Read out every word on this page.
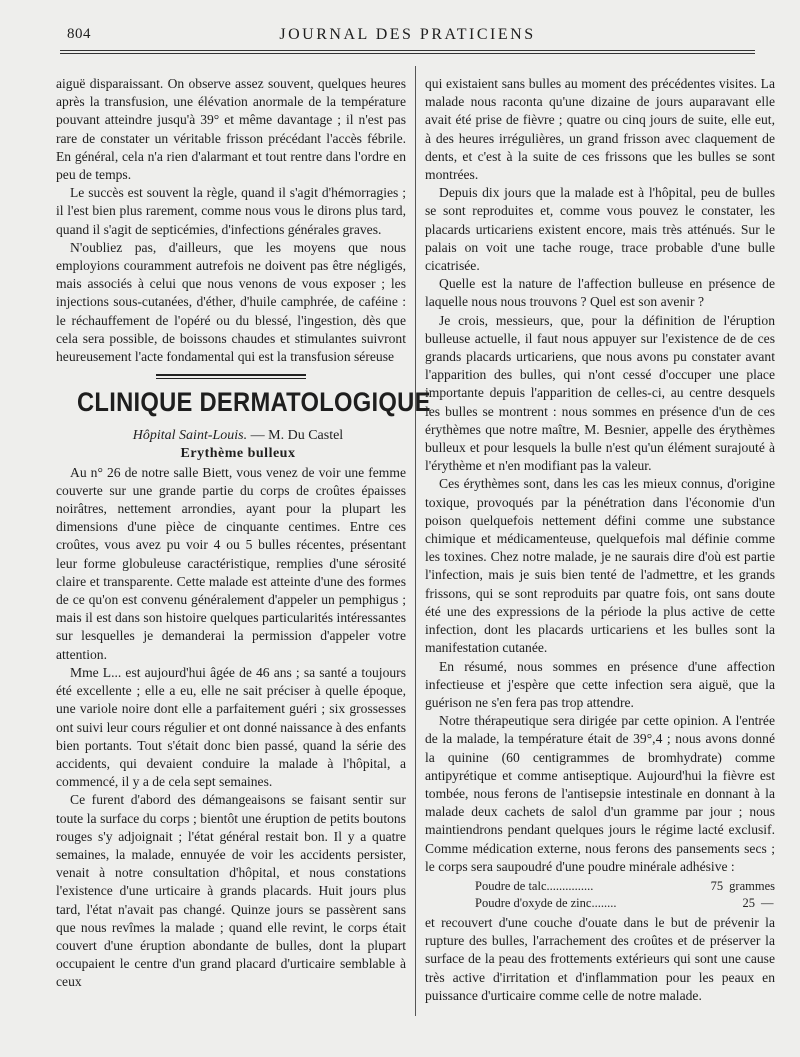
804	JOURNAL DES PRATICIENS

aiguë disparaissant. On observe assez souvent, quelques heures après la transfusion, une élévation anormale de la température pouvant atteindre jusqu'à 39° et même davantage ; il n'est pas rare de constater un véritable frisson précédant l'accès fébrile. En général, cela n'a rien d'alarmant et tout rentre dans l'ordre en peu de temps.

Le succès est souvent la règle, quand il s'agit d'hémorragies ; il l'est bien plus rarement, comme nous vous le dirons plus tard, quand il s'agit de septicémies, d'infections générales graves.

N'oubliez pas, d'ailleurs, que les moyens que nous employions couramment autrefois ne doivent pas être négligés, mais associés à celui que nous venons de vous exposer ; les injections sous-cutanées, d'éther, d'huile camphrée, de caféine : le réchauffement de l'opéré ou du blessé, l'ingestion, dès que cela sera possible, de boissons chaudes et stimulantes suivront heureusement l'acte fondamental qui est la transfusion séreuse

CLINIQUE DERMATOLOGIQUE

Hôpital Saint-Louis. — M. Du Castel

Erythème bulleux

Au n° 26 de notre salle Biett, vous venez de voir une femme couverte sur une grande partie du corps de croûtes épaisses noirâtres, nettement arrondies, ayant pour la plupart les dimensions d'une pièce de cinquante centimes. Entre ces croûtes, vous avez pu voir 4 ou 5 bulles récentes, présentant leur forme globuleuse caractéristique, remplies d'une sérosité claire et transparente. Cette malade est atteinte d'une des formes de ce qu'on est convenu généralement d'appeler un pemphigus ; mais il est dans son histoire quelques particularités intéressantes sur lesquelles je demanderai la permission d'appeler votre attention.

Mme L... est aujourd'hui âgée de 46 ans ; sa santé a toujours été excellente ; elle a eu, elle ne sait préciser à quelle époque, une variole noire dont elle a parfaitement guéri ; six grossesses ont suivi leur cours régulier et ont donné naissance à des enfants bien portants. Tout s'était donc bien passé, quand la série des accidents, qui devaient conduire la malade à l'hôpital, a commencé, il y a de cela sept semaines.

Ce furent d'abord des démangeaisons se faisant sentir sur toute la surface du corps ; bientôt une éruption de petits boutons rouges s'y adjoignait ; l'état général restait bon. Il y a quatre semaines, la malade, ennuyée de voir les accidents persister, venait à notre consultation d'hôpital, et nous constations l'existence d'une urticaire à grands placards. Huit jours plus tard, l'état n'avait pas changé. Quinze jours se passèrent sans que nous revîmes la malade ; quand elle revint, le corps était couvert d'une éruption abondante de bulles, dont la plupart occupaient le centre d'un grand placard d'urticaire semblable à ceux

qui existaient sans bulles au moment des précédentes visites. La malade nous raconta qu'une dizaine de jours auparavant elle avait été prise de fièvre ; quatre ou cinq jours de suite, elle eut, à des heures irrégulières, un grand frisson avec claquement de dents, et c'est à la suite de ces frissons que les bulles se sont montrées.

Depuis dix jours que la malade est à l'hôpital, peu de bulles se sont reproduites et, comme vous pouvez le constater, les placards urticariens existent encore, mais très atténués. Sur le palais on voit une tache rouge, trace probable d'une bulle cicatrisée.

Quelle est la nature de l'affection bulleuse en présence de laquelle nous nous trouvons ? Quel est son avenir ?

Je crois, messieurs, que, pour la définition de l'éruption bulleuse actuelle, il faut nous appuyer sur l'existence de de ces grands placards urticariens, que nous avons pu constater avant l'apparition des bulles, qui n'ont cessé d'occuper une place importante depuis l'apparition de celles-ci, au centre desquels les bulles se montrent : nous sommes en présence d'un de ces érythèmes que notre maître, M. Besnier, appelle des érythèmes bulleux et pour lesquels la bulle n'est qu'un élément surajouté à l'érythème et n'en modifiant pas la valeur.

Ces érythèmes sont, dans les cas les mieux connus, d'origine toxique, provoqués par la pénétration dans l'économie d'un poison quelquefois nettement défini comme une substance chimique et médicamenteuse, quelquefois mal définie comme les toxines. Chez notre malade, je ne saurais dire d'où est partie l'infection, mais je suis bien tenté de l'admettre, et les grands frissons, qui se sont reproduits par quatre fois, ont sans doute été une des expressions de la période la plus active de cette infection, dont les placards urticariens et les bulles sont la manifestation cutanée.

En résumé, nous sommes en présence d'une affection infectieuse et j'espère que cette infection sera aiguë, que la guérison ne s'en fera pas trop attendre.

Notre thérapeutique sera dirigée par cette opinion. A l'entrée de la malade, la température était de 39°,4 ; nous avons donné la quinine (60 centigrammes de bromhydrate) comme antipyrétique et comme antiseptique. Aujourd'hui la fièvre est tombée, nous ferons de l'antisepsie intestinale en donnant à la malade deux cachets de salol d'un gramme par jour ; nous maintiendrons pendant quelques jours le régime lacté exclusif. Comme médication externe, nous ferons des pansements secs ; le corps sera saupoudré d'une poudre minérale adhésive :

Poudre de talc...............	75 grammes
Poudre d'oxyde de zinc........	25 —

et recouvert d'une couche d'ouate dans le but de prévenir la rupture des bulles, l'arrachement des croûtes et de préserver la surface de la peau des frottements extérieurs qui sont une cause très active d'irritation et d'inflammation pour les peaux en puissance d'urticaire comme celle de notre malade.
